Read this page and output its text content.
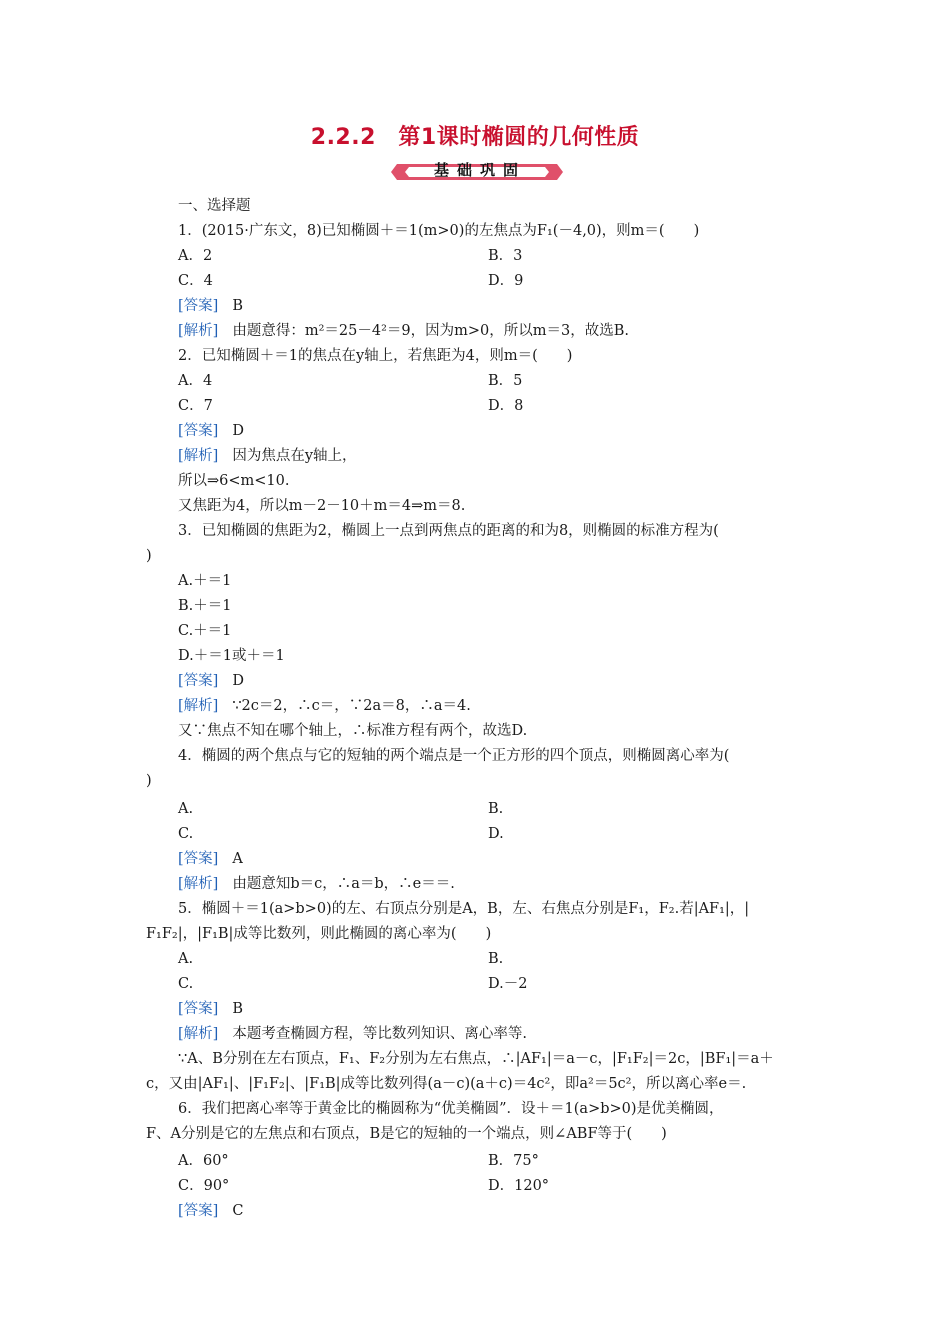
2.2.2　第1课时椭圆的几何性质
基础巩固
一、选择题
1．(2015·广东文，8)已知椭圆＋＝1(m>0)的左焦点为F₁(－4,0)，则m＝(　　)
A．2	B．3
C．4	D．9
[答案] B
[解析] 由题意得：m²＝25－4²＝9，因为m>0，所以m＝3，故选B.
2．已知椭圆＋＝1的焦点在y轴上，若焦距为4，则m＝(　　)
A．4	B．5
C．7	D．8
[答案] D
[解析] 因为焦点在y轴上，
所以⇒6<m<10.
又焦距为4，所以m－2－10＋m＝4⇒m＝8.
3．已知椭圆的焦距为2，椭圆上一点到两焦点的距离的和为8，则椭圆的标准方程为(
)
A.＋＝1
B.＋＝1
C.＋＝1
D.＋＝1或＋＝1
[答案] D
[解析] ∵2c＝2，∴c＝，∵2a＝8，∴a＝4.
又∵焦点不知在哪个轴上，∴标准方程有两个，故选D.
4．椭圆的两个焦点与它的短轴的两个端点是一个正方形的四个顶点，则椭圆离心率为(
)
A.	B.
C.	D.
[答案] A
[解析] 由题意知b＝c，∴a＝b，∴e＝＝.
5．椭圆＋＝1(a>b>0)的左、右顶点分别是A，B，左、右焦点分别是F₁，F₂.若|AF₁|，|
F₁F₂|，|F₁B|成等比数列，则此椭圆的离心率为(　　)
A.	B.
C.	D.－2
[答案] B
[解析] 本题考查椭圆方程，等比数列知识、离心率等.
∵A、B分别在左右顶点，F₁、F₂分别为左右焦点，∴|AF₁|＝a－c，|F₁F₂|＝2c，|BF₁|＝a＋
c，又由|AF₁|、|F₁F₂|、|F₁B|成等比数列得(a－c)(a＋c)＝4c²，即a²＝5c²，所以离心率e＝.
6．我们把离心率等于黄金比的椭圆称为“优美椭圆”．设＋＝1(a>b>0)是优美椭圆，
F、A分别是它的左焦点和右顶点，B是它的短轴的一个端点，则∠ABF等于(　　)
A．60°	B．75°
C．90°	D．120°
[答案] C
